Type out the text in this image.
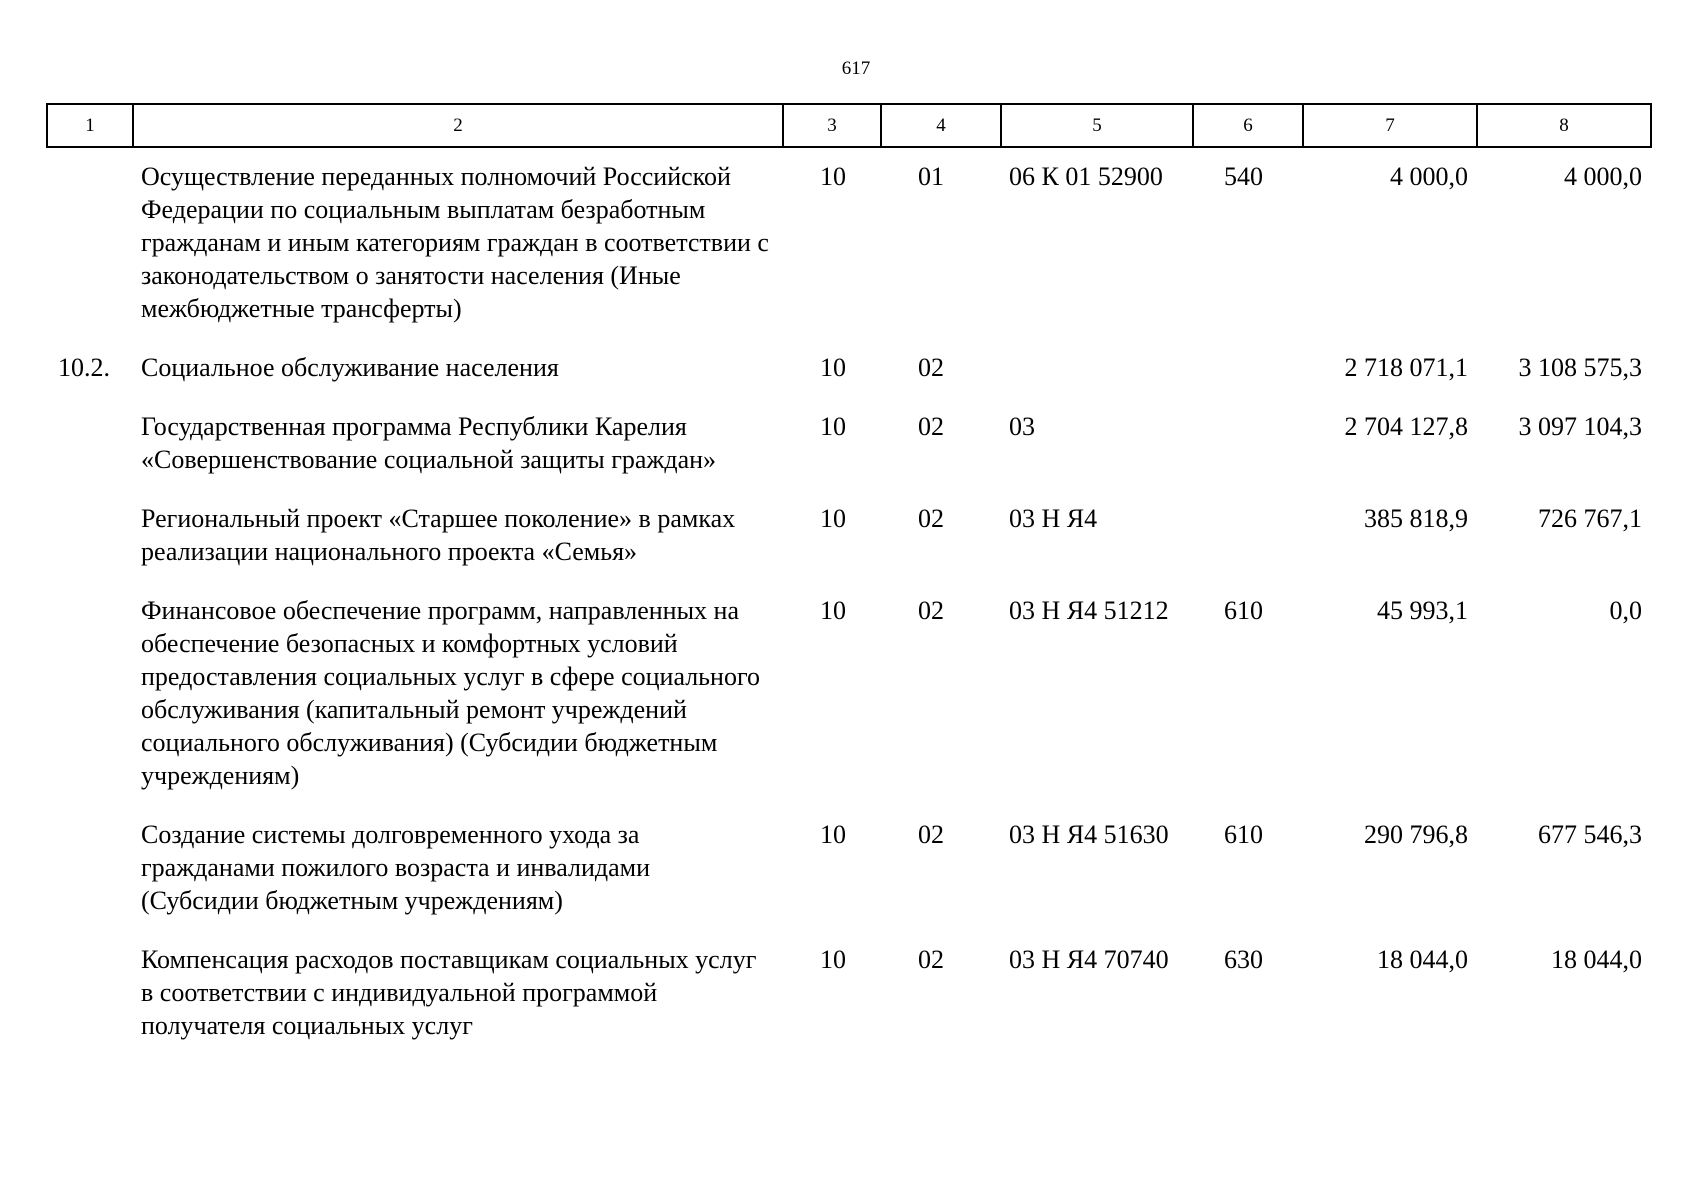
617
1	2	3	4	5	6	7	8
	Осуществление переданных полномочий Российской Федерации по социальным выплатам безработным гражданам и иным категориям граждан в соответствии с законодательством о занятости населения (Иные межбюджетные трансферты)	10	01	06 К 01 52900	540	4 000,0	4 000,0
10.2.	Социальное обслуживание населения	10	02			2 718 071,1	3 108 575,3
	Государственная программа Республики Карелия «Совершенствование социальной защиты граждан»	10	02	03		2 704 127,8	3 097 104,3
	Региональный проект «Старшее поколение» в рамках реализации национального проекта «Семья»	10	02	03 Н Я4		385 818,9	726 767,1
	Финансовое обеспечение программ, направленных на обеспечение безопасных и комфортных условий предоставления социальных услуг в сфере социального обслуживания (капитальный ремонт учреждений социального обслуживания) (Субсидии бюджетным учреждениям)	10	02	03 Н Я4 51212	610	45 993,1	0,0
	Создание системы долговременного ухода за гражданами пожилого возраста и инвалидами (Субсидии бюджетным учреждениям)	10	02	03 Н Я4 51630	610	290 796,8	677 546,3
	Компенсация расходов поставщикам социальных услуг в соответствии с индивидуальной программой получателя социальных услуг	10	02	03 Н Я4 70740	630	18 044,0	18 044,0
